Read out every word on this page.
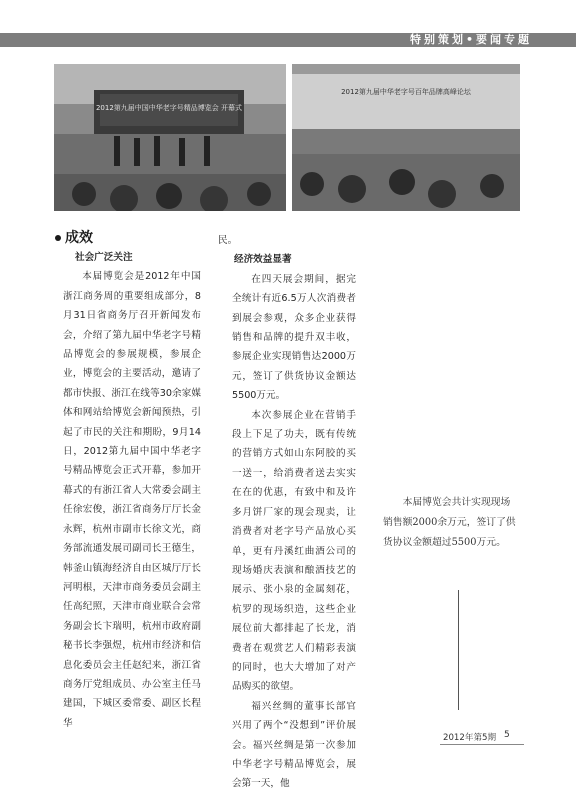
特别策划•要闻专题
2012第九届中国中华老字号精品博览会 开幕式
2012第九届中华老字号百年品牌高峰论坛
成效
社会广泛关注

本届博览会是2012年中国浙江商务周的重要组成部分，8月31日省商务厅召开新闻发布会，介绍了第九届中华老字号精品博览会的参展规模，参展企业，博览会的主要活动，邀请了都市快报、浙江在线等30余家媒体和网站给博览会新闻预热，引起了市民的关注和期盼，9月14日，2012第九届中国中华老字号精品博览会正式开幕，参加开幕式的有浙江省人大常委会副主任徐宏俊，浙江省商务厅厅长金永辉，杭州市副市长徐文光，商务部流通发展司副司长王德生，韩釜山镇海经济自由区城厅厅长河明根，天津市商务委员会副主任高纪照，天津市商业联合会常务副会长卞瑞明，杭州市政府副秘书长李强煜，杭州市经济和信息化委员会主任赵纪来，浙江省商务厅党组成员、办公室主任马建国，下城区委常委、副区长程华

民。
经济效益显著

在四天展会期间，据完全统计有近6.5万人次消费者到展会参观，众多企业获得销售和品牌的提升双丰收，参展企业实现销售达2000万元，签订了供货协议金额达5500万元。

本次参展企业在营销手段上下足了功夫，既有传统的营销方式如山东阿胶的买一送一，给消费者送去实实在在的优惠，有致中和及许多月饼厂家的现会现卖，让消费者对老字号产品放心买单，更有丹溪红曲酒公司的现场婚庆表演和酿酒技艺的展示、张小泉的金属刻花，杭罗的现场织造，这些企业展位前大都排起了长龙，消费者在观赏艺人们精彩表演的同时，也大大增加了对产品购买的欲望。

福兴丝绸的董事长部官兴用了两个“没想到”评价展会。福兴丝绸是第一次参加中华老字号精品博览会，展会第一天，他

本届博览会共计实现现场销售额2000余万元，签订了供货协议金额超过5500万元。
2012年第5期 5
